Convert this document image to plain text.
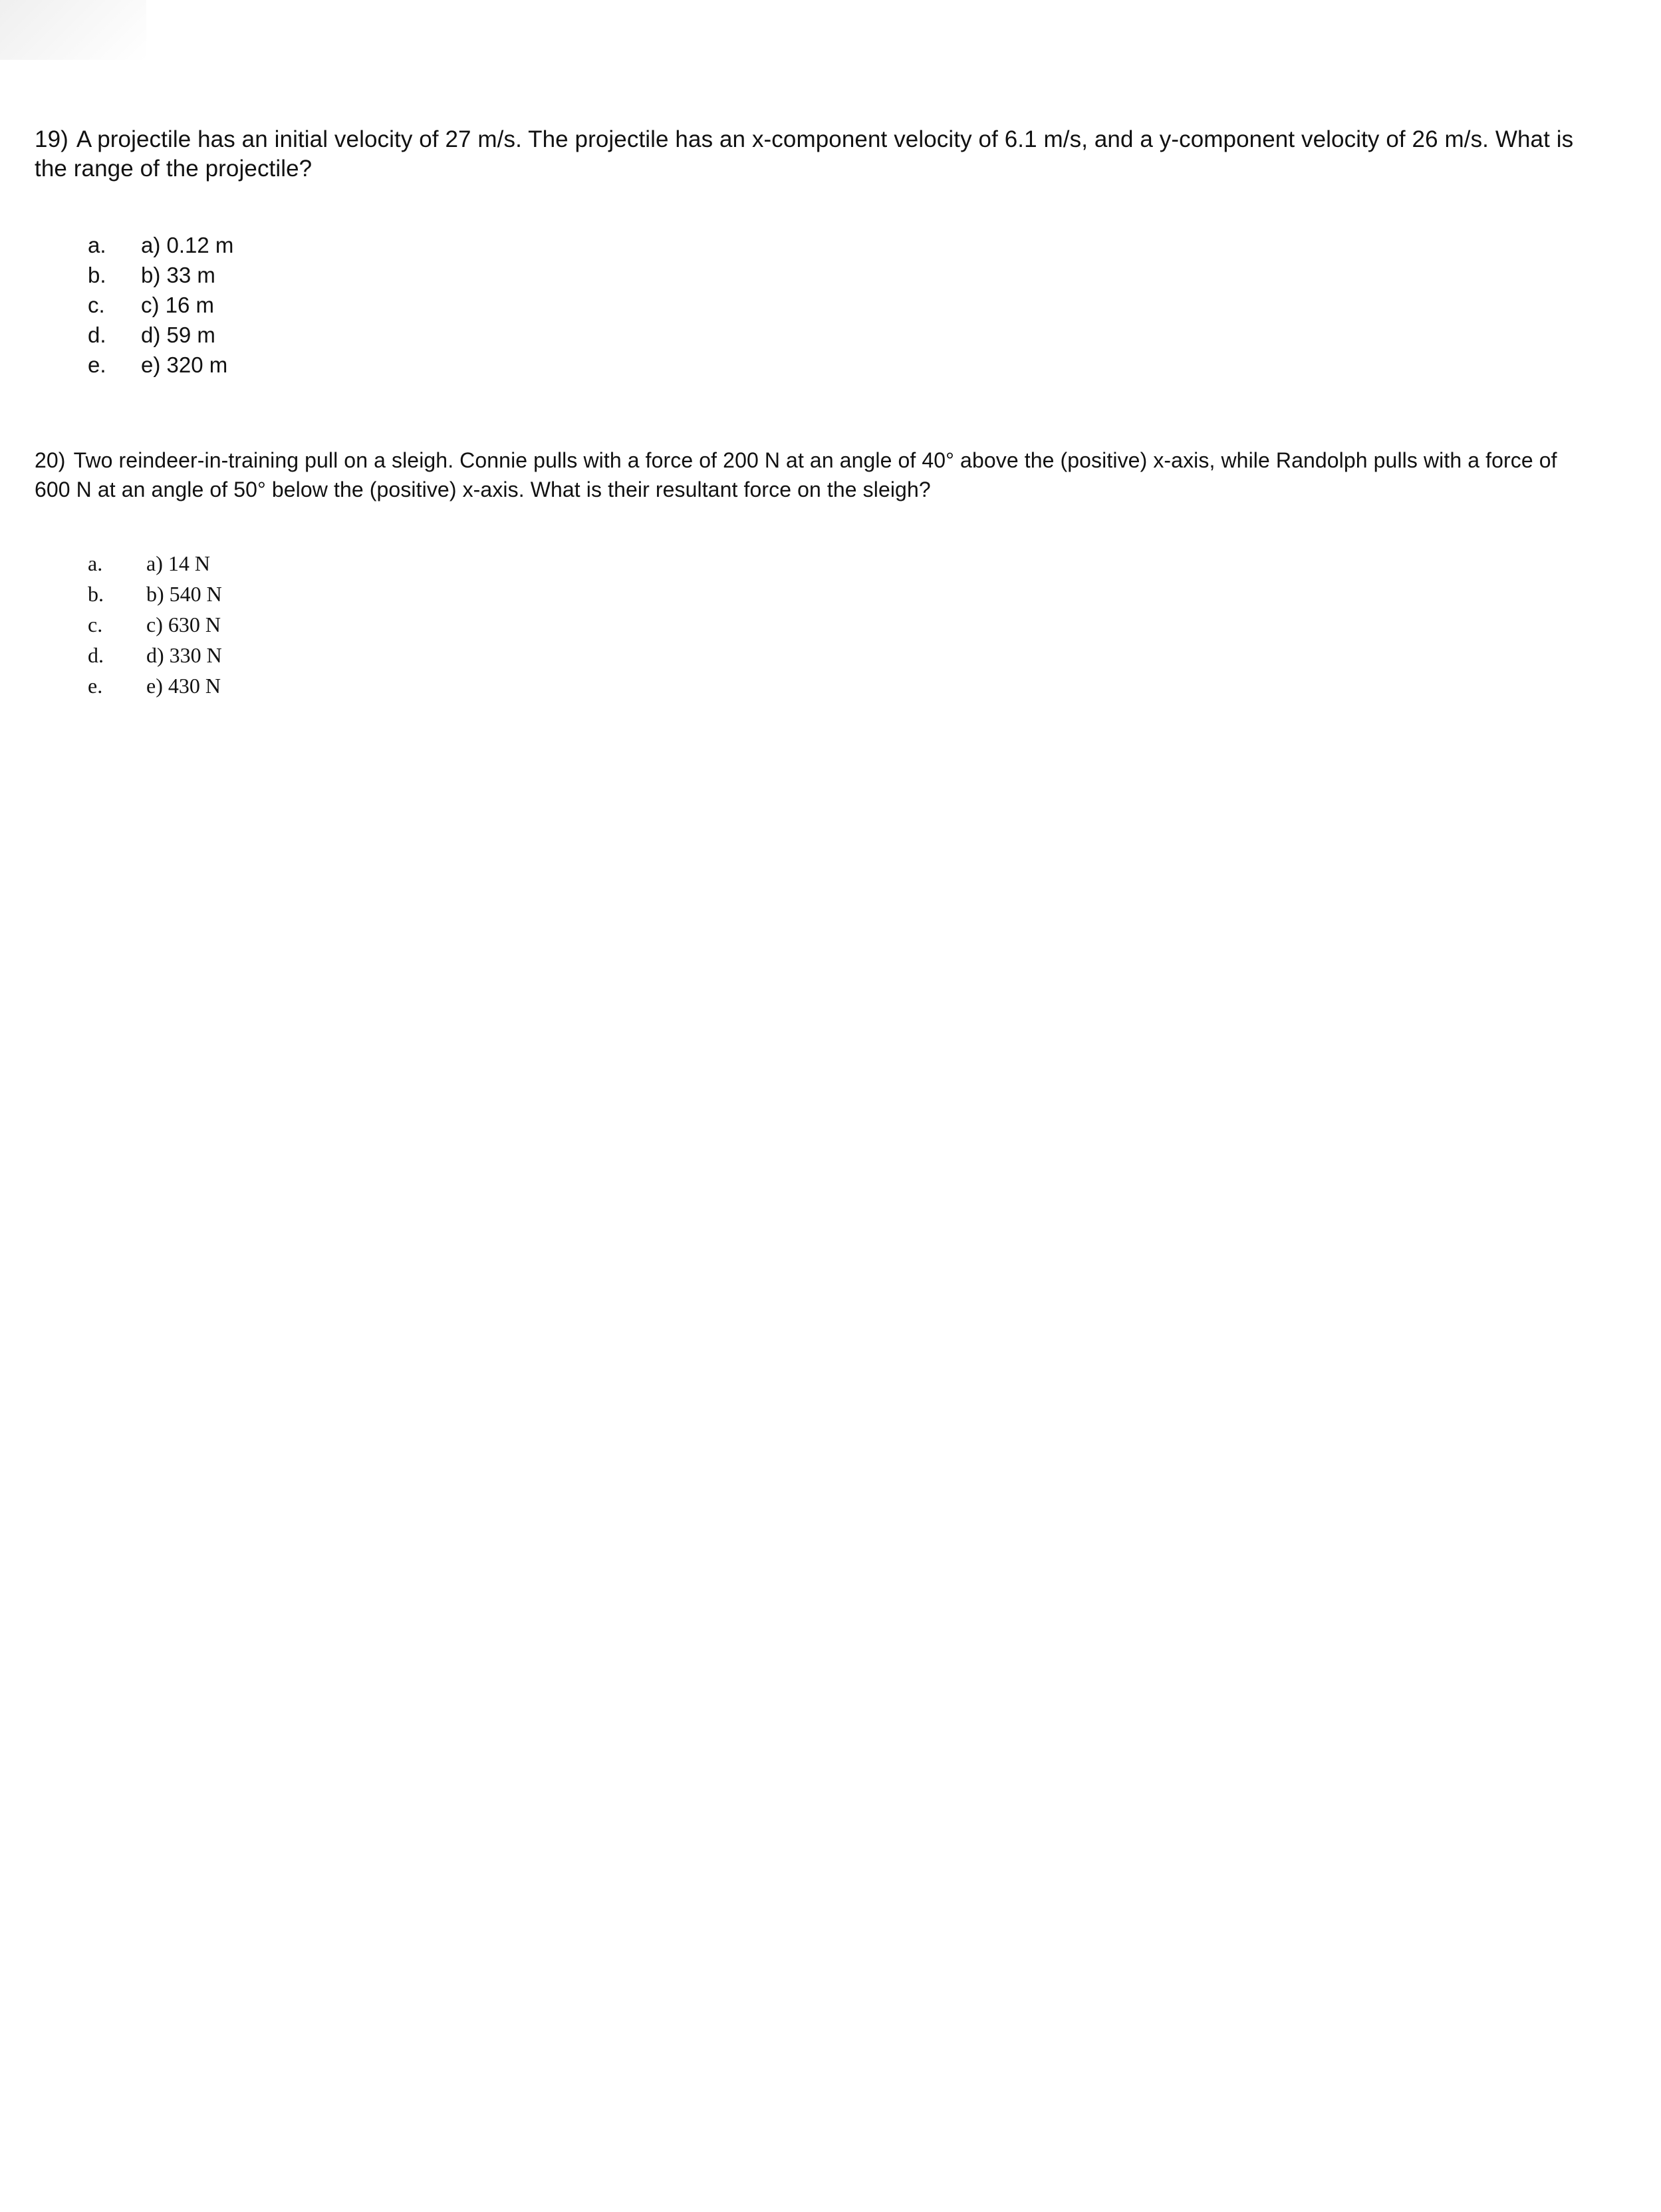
19) A projectile has an initial velocity of 27 m/s. The projectile has an x-component velocity of 6.1 m/s, and a y-component velocity of 26 m/s. What is the range of the projectile?

a.	a) 0.12 m
b.	b) 33 m
c.	c) 16 m
d.	d) 59 m
e.	e) 320 m

20) Two reindeer-in-training pull on a sleigh. Connie pulls with a force of 200 N at an angle of 40° above the (positive) x-axis, while Randolph pulls with a force of 600 N at an angle of 50° below the (positive) x-axis. What is their resultant force on the sleigh?

a.	a) 14 N
b.	b) 540 N
c.	c) 630 N
d.	d) 330 N
e.	e) 430 N
